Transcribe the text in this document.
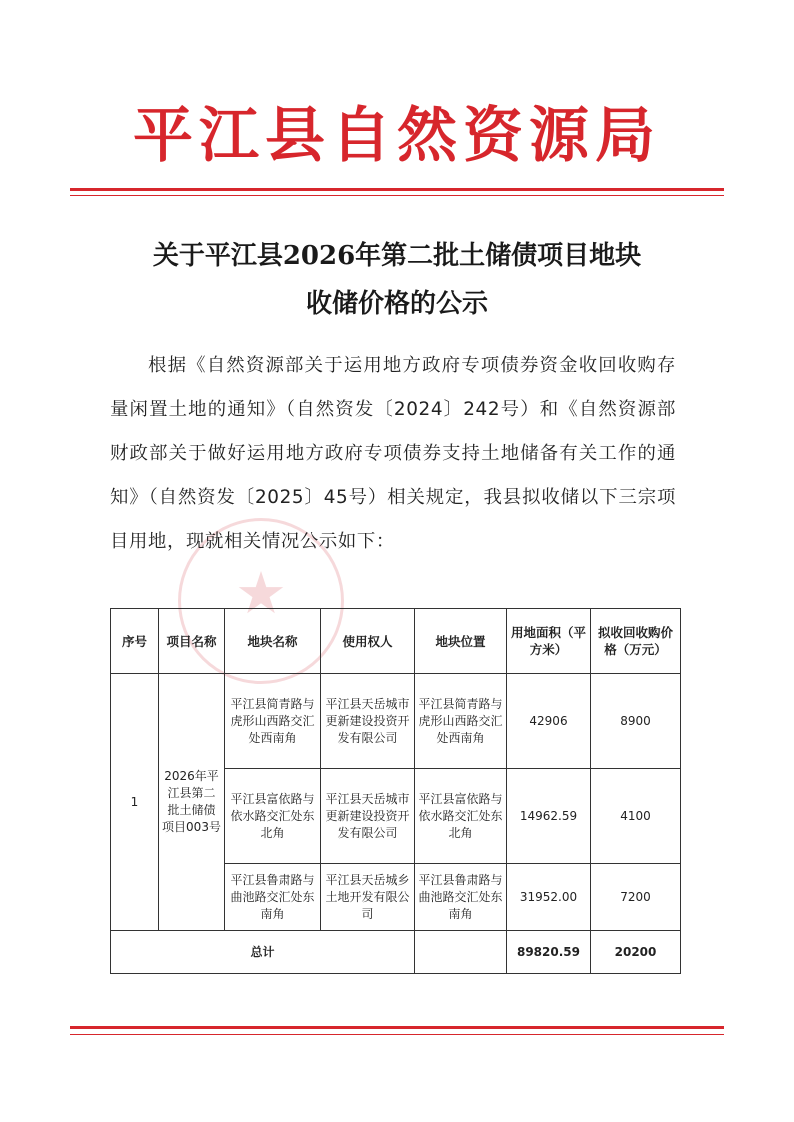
平江县自然资源局
关于平江县2026年第二批土储债项目地块
收储价格的公示
★

根据《自然资源部关于运用地方政府专项债券资金收回收购存量闲置土地的通知》（自然资发〔2024〕242号）和《自然资源部 财政部关于做好运用地方政府专项债券支持土地储备有关工作的通知》（自然资发〔2025〕45号）相关规定，我县拟收储以下三宗项目用地，现就相关情况公示如下：

序号	项目名称	地块名称	使用权人	地块位置	用地面积（平方米）	拟收回收购价格（万元）
1	2026年平江县第二批土储债项目003号	平江县简青路与虎形山西路交汇处西南角	平江县天岳城市更新建设投资开发有限公司	平江县简青路与虎形山西路交汇处西南角	42906	8900
		平江县富依路与依水路交汇处东北角	平江县天岳城市更新建设投资开发有限公司	平江县富依路与依水路交汇处东北角	14962.59	4100
		平江县鲁肃路与曲池路交汇处东南角	平江县天岳城乡土地开发有限公司	平江县鲁肃路与曲池路交汇处东南角	31952.00	7200
总计					89820.59	20200
